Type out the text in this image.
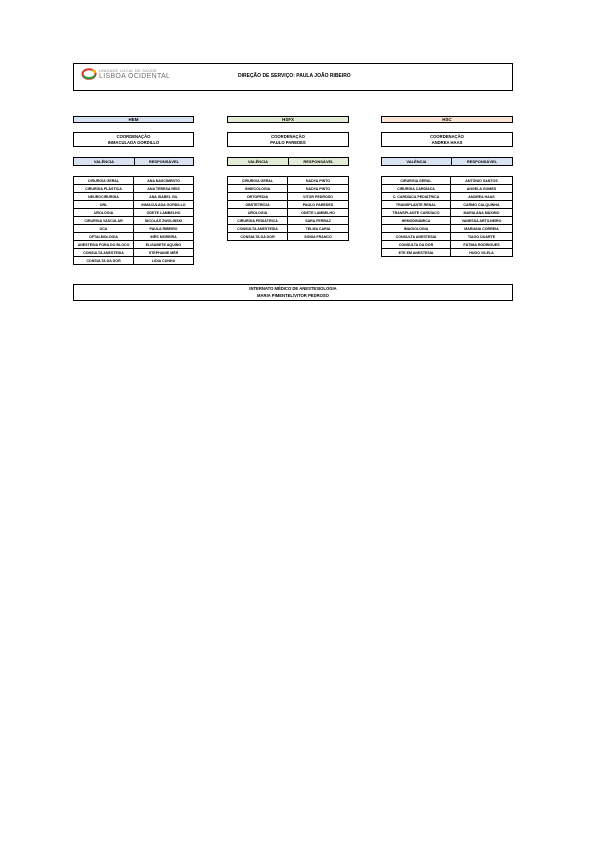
UNIDADE LOCAL DE SAÚDE
LISBOA OCIDENTAL	DIREÇÃO DE SERVIÇO: PAULA JOÃO RIBEIRO
HEM
COORDENAÇÃO
INMACULADA GORDILLO
VALÊNCIA	RESPONSÁVEL
CIRURGIA GERAL	ANA NASCIMENTO
CIRURGIA PLÁSTICA	ANA TERESA REIS
NEUROCIRURGIA	ANA ISABEL GIL
ORL	INMACULADA GORDILLO
UROLOGIA	ODETE LAMBELHO
CIRURGIA VASCULAR	NICOLÁS ZWOLINSKI
UCA	PAULA RIBEIRO
OFTALMOLOGIA	INÊS MOREIRA
ANESTESIA FORA DO BLOCO	ELISABETE AQUINO
CONSULTA ANESTESIA	STEPHANIE MÉR
CONSULTA DA DOR	LIDIA CUNHA
HSFX
COORDENAÇÃO
PAULO PAREDES
VALÊNCIA	RESPONSÁVEL
CIRURGIA GERAL	NADYA PINTO
GINECOLOGIA	NADYA PINTO
ORTOPEDIA	VITOR PEDROSO
OBSTETRÍCIA	PAULO PAREDES
UROLOGIA	ODETE LAMBELHO
CIRURGIA PEDIÁTRICA	SARA FERRAZ
CONSULTA ANESTESIA	TELMA CARIA
CONSULTA DA DOR	SÓNIA FRANCO
HSC
COORDENAÇÃO
ANDREA HAAS
VALÊNCIA	RESPONSÁVEL
CIRURGIA GERAL	ANTÓNIO SANTOS
CIRURGIA CARDÍACA	ANGELA GOMES
C. CARDÍACA PEDIÁTRICA	ANDREA HAAS
TRANSPLANTE RENAL	CARMO CALQUINHA
TRANSPLANTE CARDÍACO	MARIA ANA MÁXIMO
HEMODINÂMICA	VANESSA ARTILHEIRO
IMAGIOLOGIA	MARIANA CORREIA
CONSULTA ANESTESIA	TIAGO DUARTE
CONSULTA DA DOR	FÁTIMA RODRIGUES
ETE EM ANESTESIA	HUGO VILELA
INTERNATO MÉDICO DE ANESTESIOLOGIA
MARIA PIMENTEL/VITOR PEDROSO
